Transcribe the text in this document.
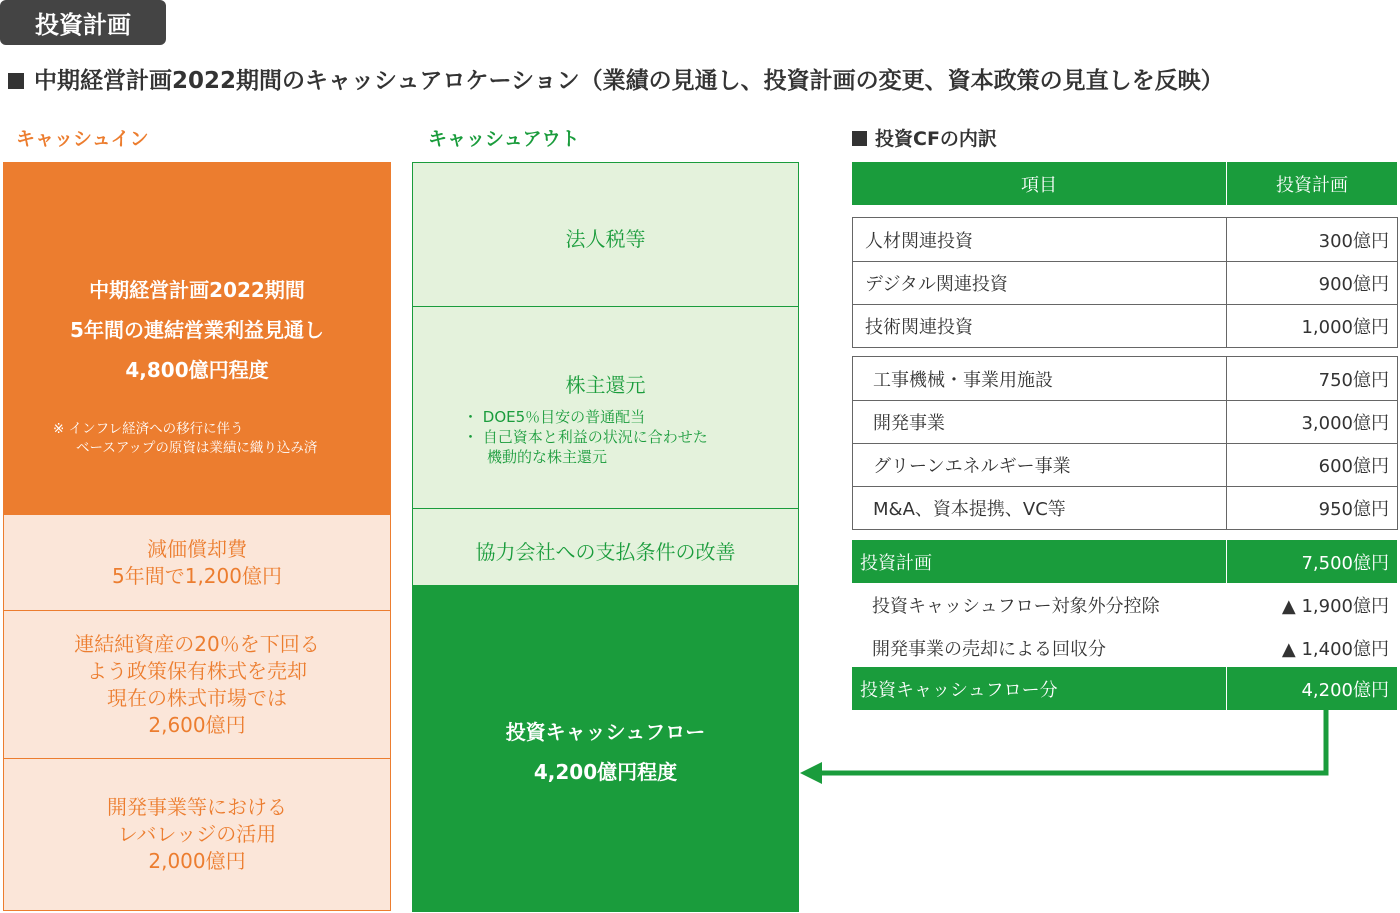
投資計画
中期経営計画2022期間のキャッシュアロケーション（業績の見通し、投資計画の変更、資本政策の見直しを反映）
キャッシュイン	キャッシュアウト	投資CFの内訳
中期経営計画2022期間
5年間の連結営業利益見通し
4,800億円程度
※ インフレ経済への移行に伴う
ベースアップの原資は業績に織り込み済
減価償却費
5年間で1,200億円
連結純資産の20％を下回る
よう政策保有株式を売却
現在の株式市場では
2,600億円
開発事業等における
レバレッジの活用
2,000億円
法人税等
株主還元
・ DOE5％目安の普通配当
・ 自己資本と利益の状況に合わせた
機動的な株主還元
協力会社への支払条件の改善
投資キャッシュフロー
4,200億円程度
項目	投資計画
人材関連投資	300億円
デジタル関連投資	900億円
技術関連投資	1,000億円
工事機械・事業用施設	750億円
開発事業	3,000億円
グリーンエネルギー事業	600億円
M&A、資本提携、VC等	950億円
投資計画	7,500億円
投資キャッシュフロー対象外分控除	▲ 1,900億円
開発事業の売却による回収分	▲ 1,400億円
投資キャッシュフロー分	4,200億円
